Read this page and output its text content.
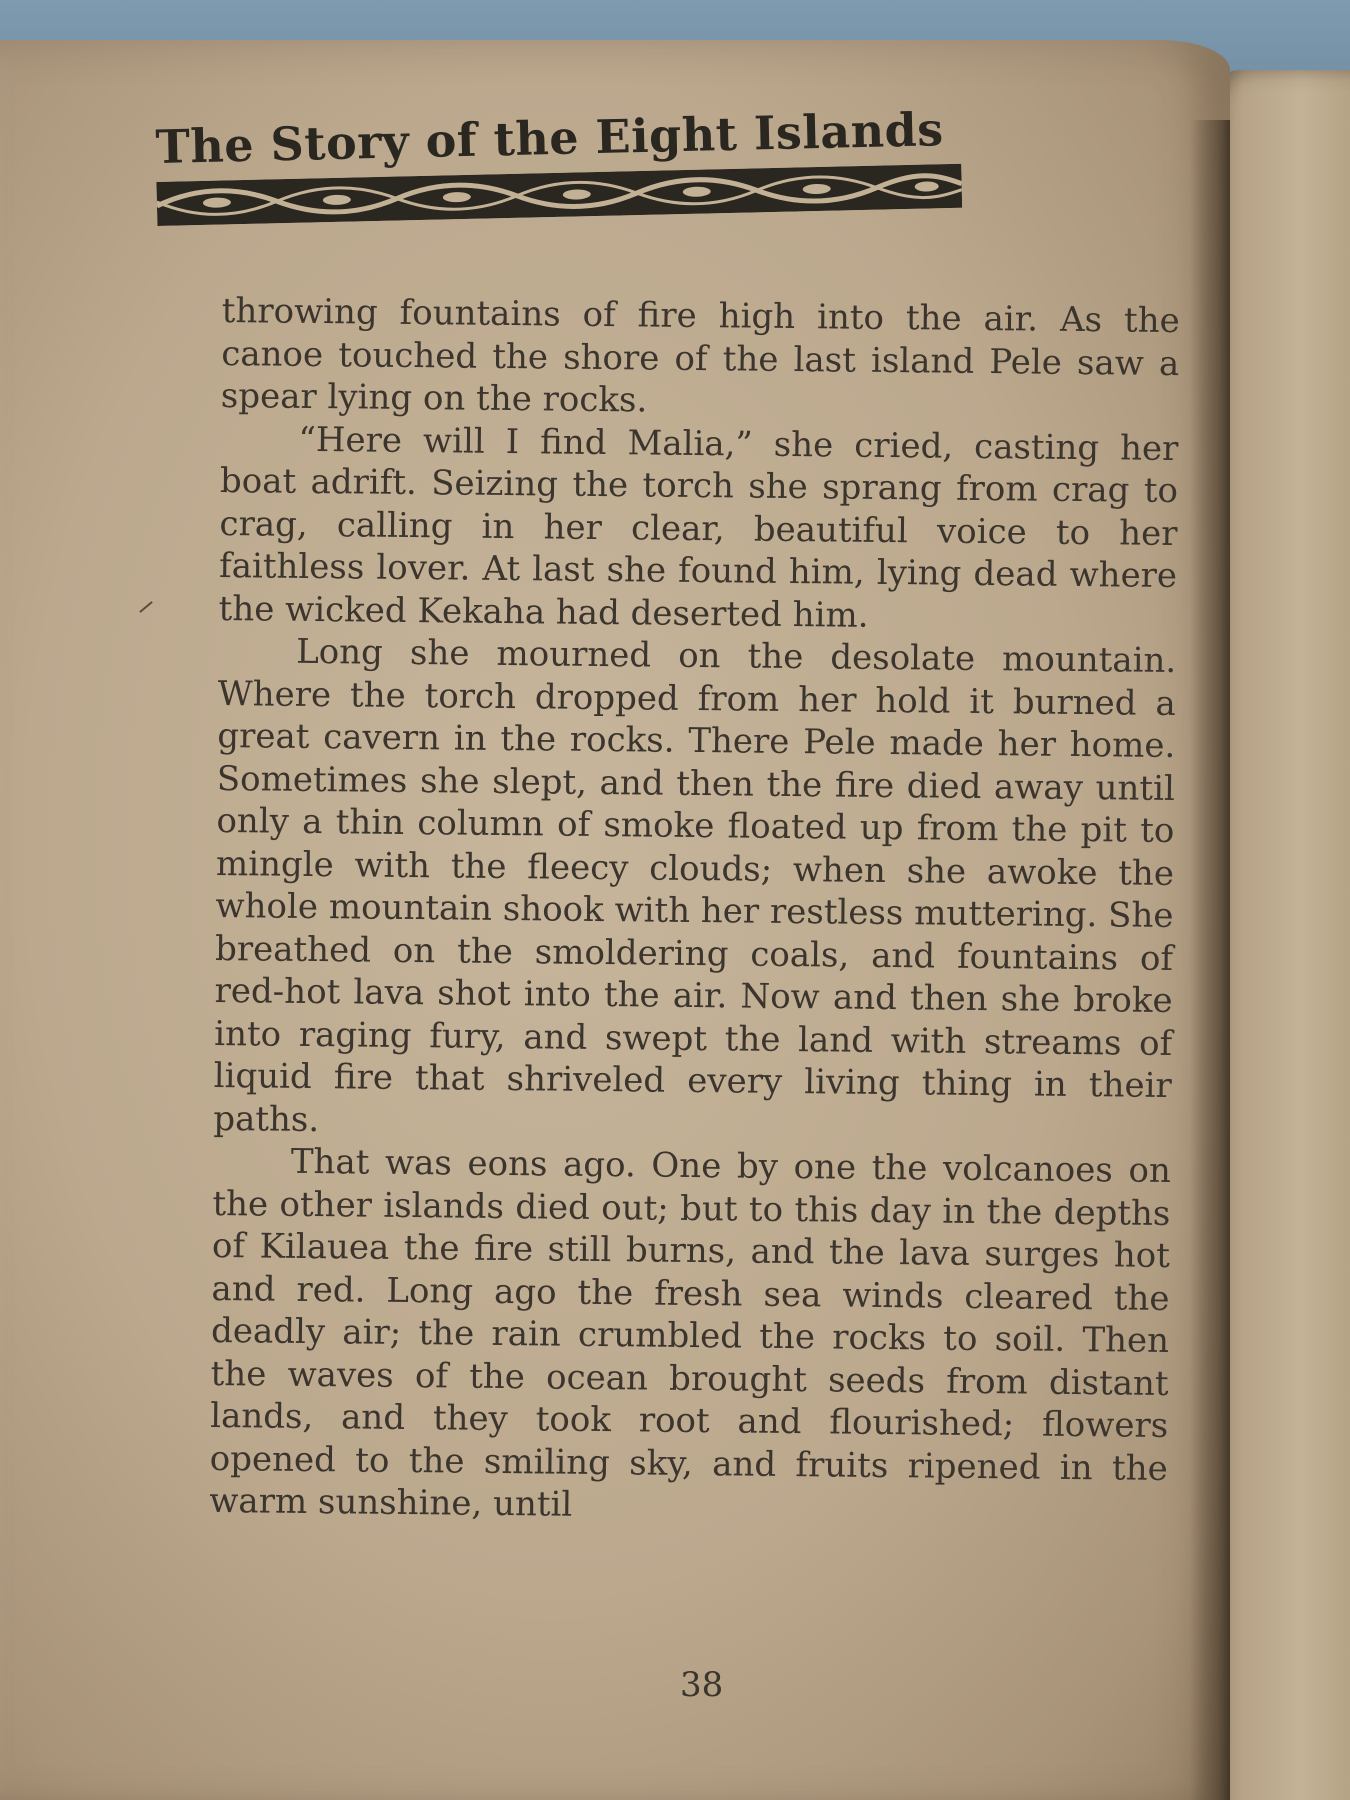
The Story of the Eight Islands

throwing fountains of fire high into the air. As the canoe touched the shore of the last island Pele saw a spear lying on the rocks.

“Here will I find Malia,” she cried, casting her boat adrift. Seizing the torch she sprang from crag to crag, calling in her clear, beautiful voice to her faithless lover. At last she found him, lying dead where the wicked Kekaha had deserted him.

Long she mourned on the desolate mountain. Where the torch dropped from her hold it burned a great cavern in the rocks. There Pele made her home. Sometimes she slept, and then the fire died away until only a thin column of smoke floated up from the pit to mingle with the fleecy clouds; when she awoke the whole mountain shook with her restless muttering. She breathed on the smoldering coals, and fountains of red-hot lava shot into the air. Now and then she broke into raging fury, and swept the land with streams of liquid fire that shriveled every living thing in their paths.

That was eons ago. One by one the volcanoes on the other islands died out; but to this day in the depths of Kilauea the fire still burns, and the lava surges hot and red. Long ago the fresh sea winds cleared the deadly air; the rain crumbled the rocks to soil. Then the waves of the ocean brought seeds from distant lands, and they took root and flourished; flowers opened to the smiling sky, and fruits ripened in the warm sunshine, until

38
